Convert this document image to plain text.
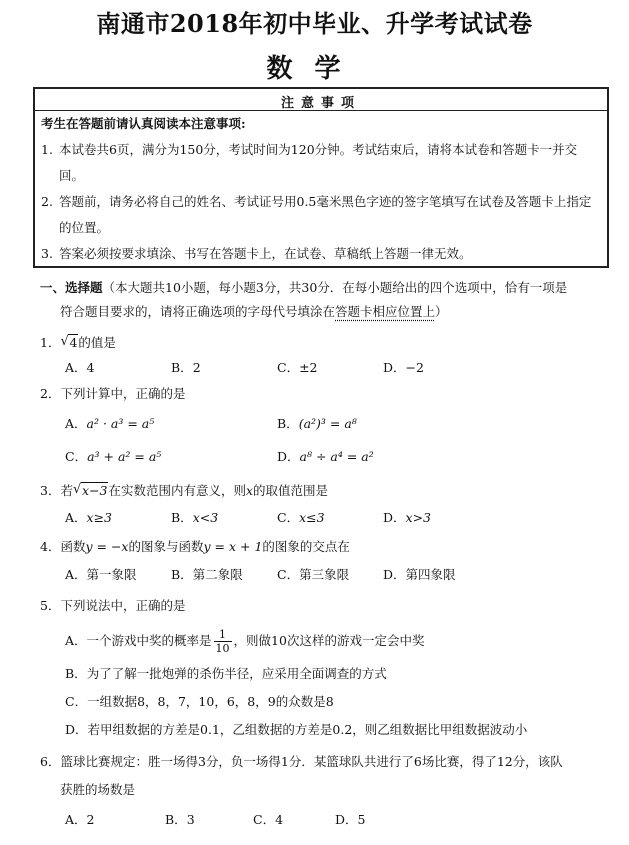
南通市2018年初中毕业、升学考试试卷
数学
注意事项
考生在答题前请认真阅读本注意事项:
1. 本试卷共6页，满分为150分，考试时间为120分钟。考试结束后，请将本试卷和答题卡一并交回。
2. 答题前，请务必将自己的姓名、考试证号用0.5毫米黑色字迹的签字笔填写在试卷及答题卡上指定的位置。
3. 答案必须按要求填涂、书写在答题卡上，在试卷、草稿纸上答题一律无效。
一、选择题（本大题共10小题，每小题3分，共30分．在每小题给出的四个选项中，恰有一项是
符合题目要求的，请将正确选项的字母代号填涂在答题卡相应位置上）
1． √ 4的值是
A．4	B．2	C．±2	D．−2
2．下列计算中，正确的是
A．a² · a³ = a⁵	B．(a²)³ = a⁸
C．a³ + a² = a⁵	D．a⁸ ÷ a⁴ = a²
3．若 √ x−3在实数范围内有意义，则x的取值范围是
A．x≥3	B．x<3	C．x≤3	D．x>3
4．函数y = −x的图象与函数y = x + 1的图象的交点在
A．第一象限	B．第二象限	C．第三象限	D．第四象限
5．下列说法中，正确的是
A．一个游戏中奖的概率是 $\frac{1}{10}$ ，则做10次这样的游戏一定会中奖
B．为了了解一批炮弹的杀伤半径，应采用全面调查的方式
C．一组数据8，8，7，10，6，8，9的众数是8
D．若甲组数据的方差是0.1，乙组数据的方差是0.2，则乙组数据比甲组数据波动小
6．篮球比赛规定：胜一场得3分，负一场得1分．某篮球队共进行了6场比赛，得了12分，该队
获胜的场数是
A．2	B．3	C．4	D．5
